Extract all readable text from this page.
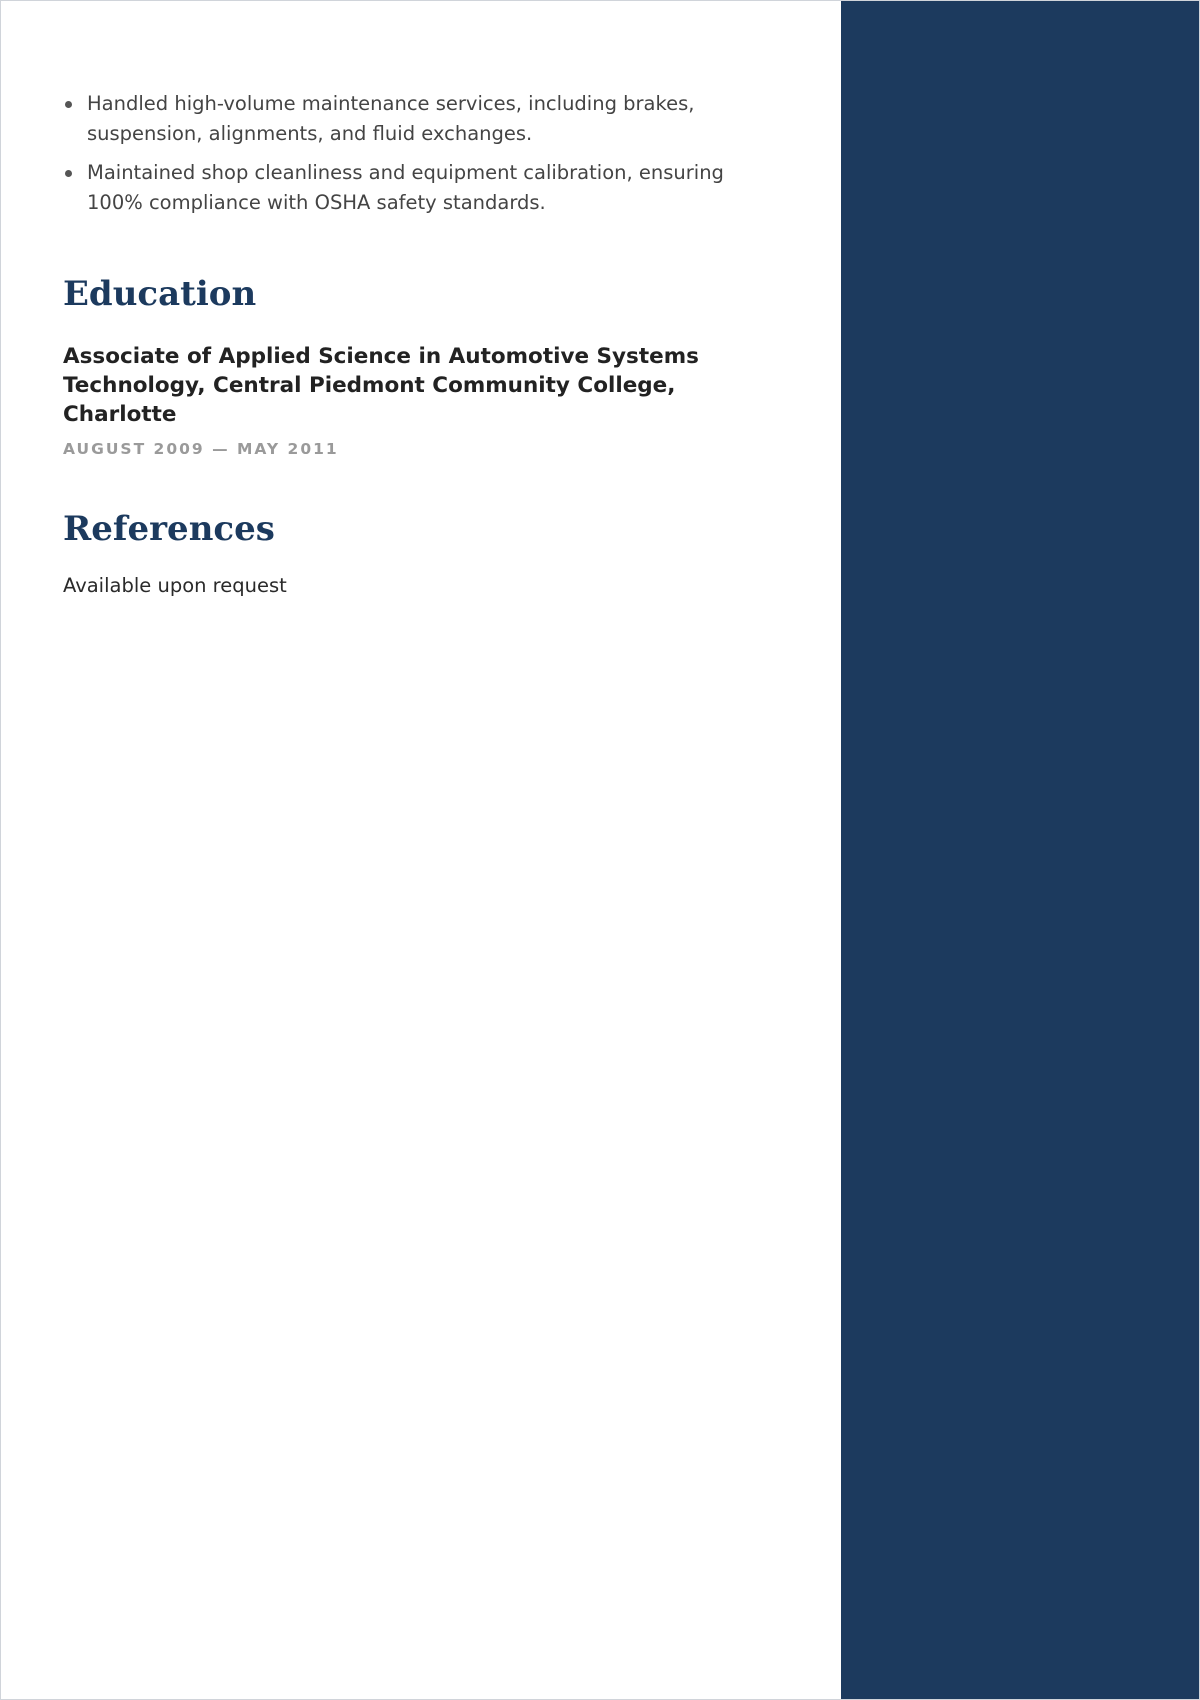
Handled high-volume maintenance services, including brakes, suspension, alignments, and fluid exchanges.
Maintained shop cleanliness and equipment calibration, ensuring 100% compliance with OSHA safety standards.
Education
Associate of Applied Science in Automotive Systems Technology, Central Piedmont Community College, Charlotte
AUGUST 2009 — MAY 2011
References
Available upon request
